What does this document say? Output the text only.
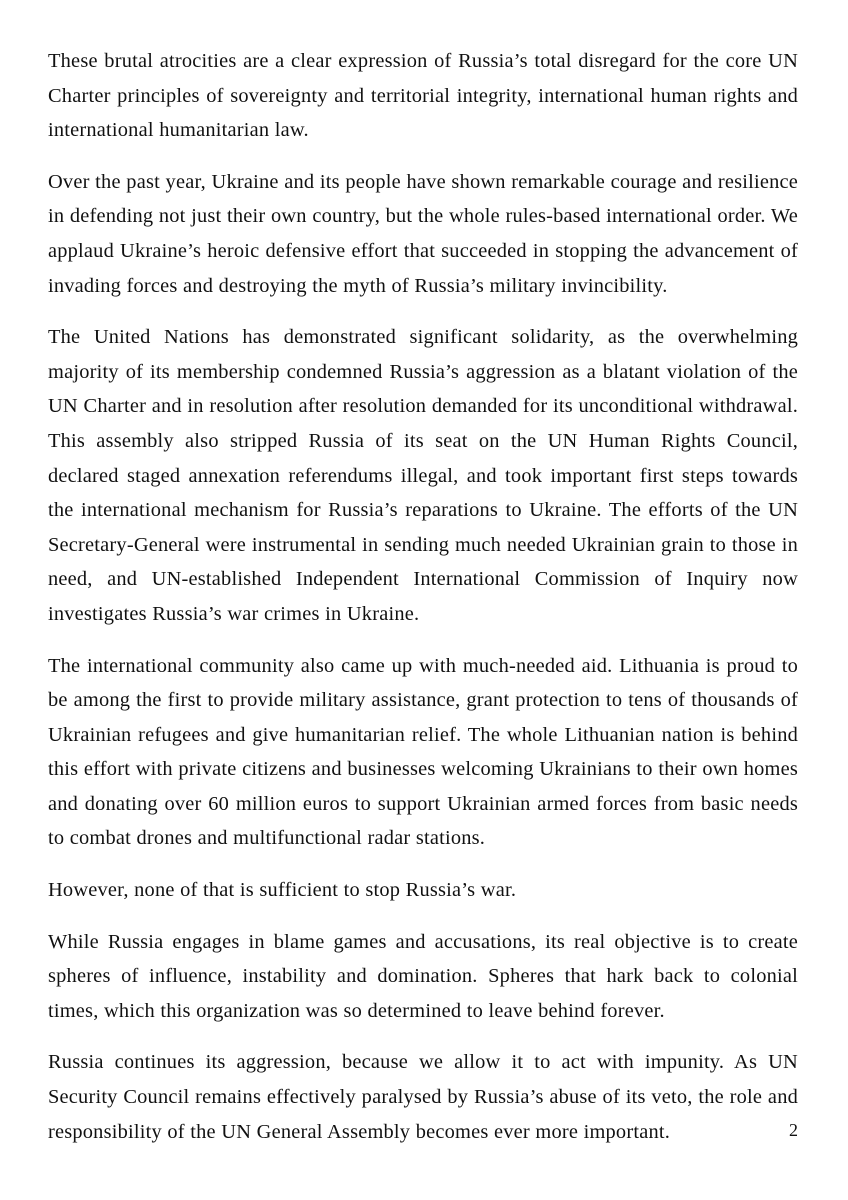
These brutal atrocities are a clear expression of Russia’s total disregard for the core UN Charter principles of sovereignty and territorial integrity, international human rights and international humanitarian law.

Over the past year, Ukraine and its people have shown remarkable courage and resilience in defending not just their own country, but the whole rules-based international order. We applaud Ukraine’s heroic defensive effort that succeeded in stopping the advancement of invading forces and destroying the myth of Russia’s military invincibility.

The United Nations has demonstrated significant solidarity, as the overwhelming majority of its membership condemned Russia’s aggression as a blatant violation of the UN Charter and in resolution after resolution demanded for its unconditional withdrawal. This assembly also stripped Russia of its seat on the UN Human Rights Council, declared staged annexation referendums illegal, and took important first steps towards the international mechanism for Russia’s reparations to Ukraine. The efforts of the UN Secretary-General were instrumental in sending much needed Ukrainian grain to those in need, and UN-established Independent International Commission of Inquiry now investigates Russia’s war crimes in Ukraine.

The international community also came up with much-needed aid. Lithuania is proud to be among the first to provide military assistance, grant protection to tens of thousands of Ukrainian refugees and give humanitarian relief. The whole Lithuanian nation is behind this effort with private citizens and businesses welcoming Ukrainians to their own homes and donating over 60 million euros to support Ukrainian armed forces from basic needs to combat drones and multifunctional radar stations.

However, none of that is sufficient to stop Russia’s war.

While Russia engages in blame games and accusations, its real objective is to create spheres of influence, instability and domination. Spheres that hark back to colonial times, which this organization was so determined to leave behind forever.

Russia continues its aggression, because we allow it to act with impunity. As UN Security Council remains effectively paralysed by Russia’s abuse of its veto, the role and responsibility of the UN General Assembly becomes ever more important.	2
